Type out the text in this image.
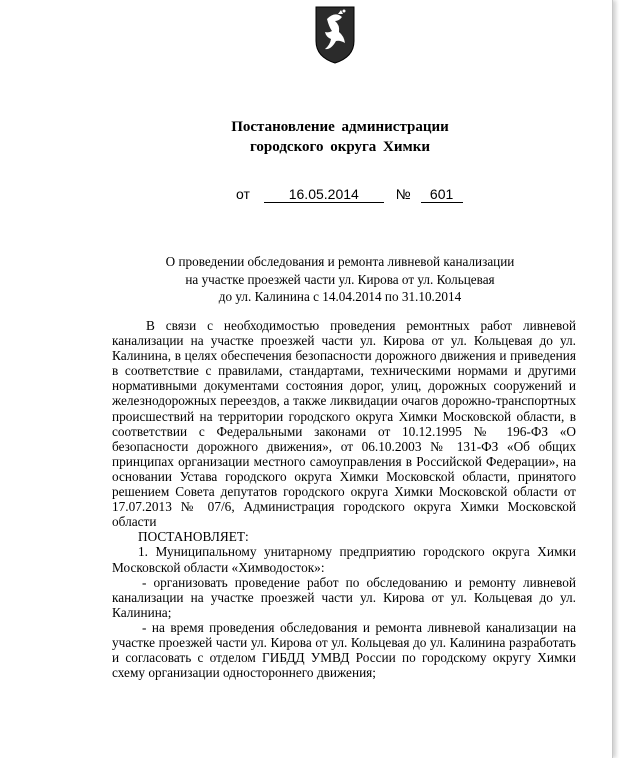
Постановление администрации
городского округа Химки
от	16.05.2014	№ 601
О проведении обследования и ремонта ливневой канализации
на участке проезжей части ул. Кирова от ул. Кольцевая
до ул. Калинина с 14.04.2014 по 31.10.2014

В связи с необходимостью проведения ремонтных работ ливневой канализации на участке проезжей части ул. Кирова от ул. Кольцевая до ул. Калинина, в целях обеспечения безопасности дорожного движения и приведения в соответствие с правилами, стандартами, техническими нормами и другими нормативными документами состояния дорог, улиц, дорожных сооружений и железнодорожных переездов, а также ликвидации очагов дорожно-транспортных происшествий на территории городского округа Химки Московской области, в соответствии с Федеральными законами от 10.12.1995 № 196-ФЗ «О безопасности дорожного движения», от 06.10.2003 № 131-ФЗ «Об общих принципах организации местного самоуправления в Российской Федерации», на основании Устава городского округа Химки Московской области, принятого решением Совета депутатов городского округа Химки Московской области от 17.07.2013 № 07/6, Администрация городского округа Химки Московской области

ПОСТАНОВЛЯЕТ:

1. Муниципальному унитарному предприятию городского округа Химки Московской области «Химводосток»:

- организовать проведение работ по обследованию и ремонту ливневой канализации на участке проезжей части ул. Кирова от ул. Кольцевая до ул. Калинина;

- на время проведения обследования и ремонта ливневой канализации на участке проезжей части ул. Кирова от ул. Кольцевая до ул. Калинина разработать и согласовать с отделом ГИБДД УМВД России по городскому округу Химки схему организации одностороннего движения;
